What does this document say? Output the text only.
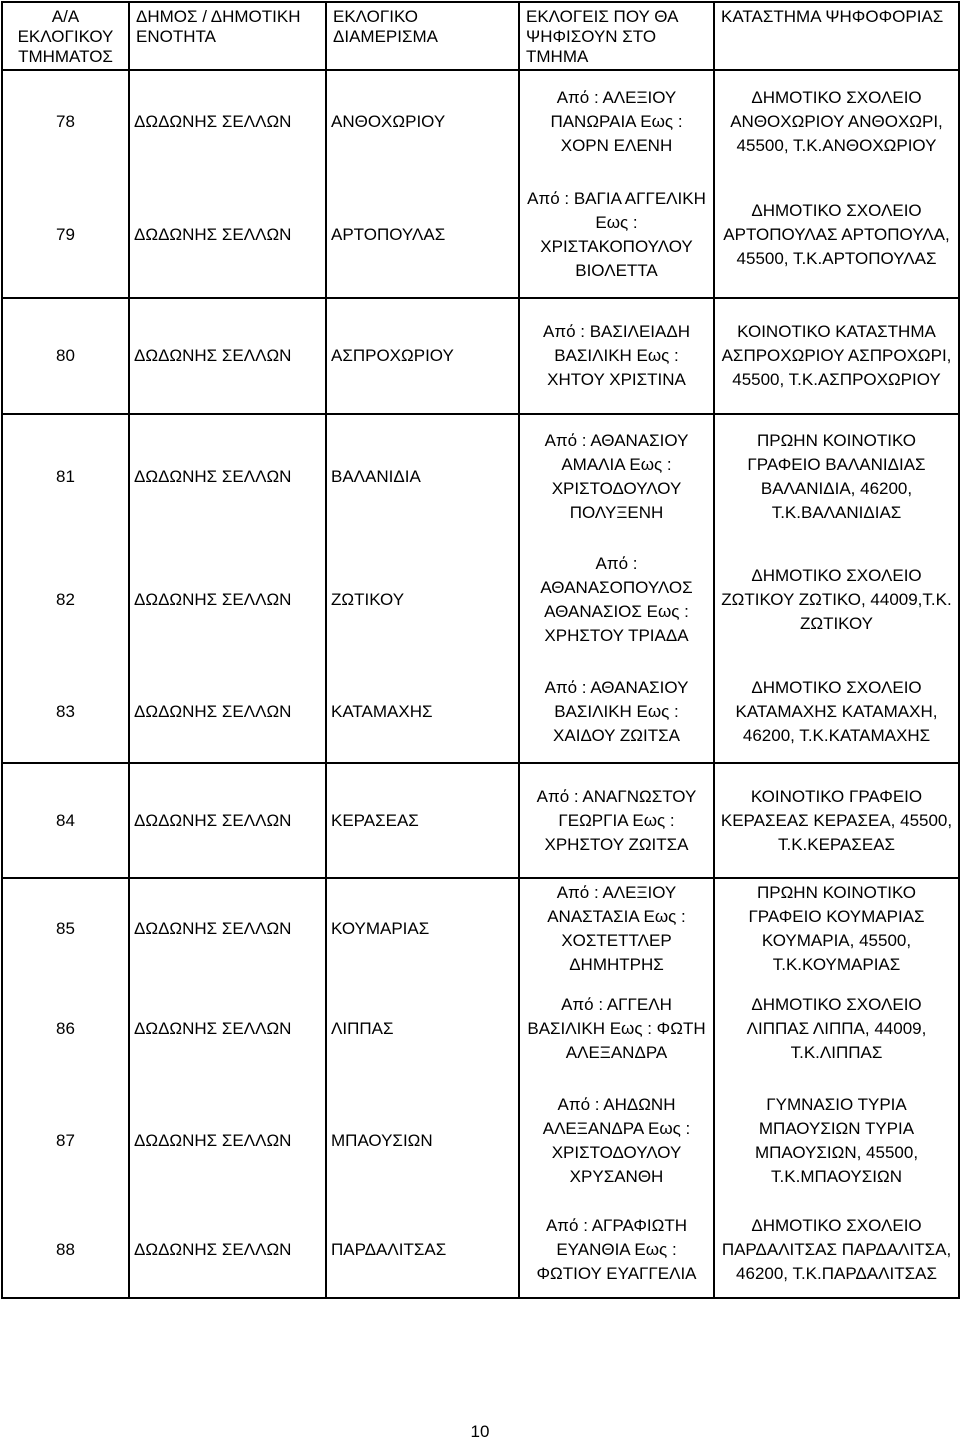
Α/Α ΕΚΛΟΓΙΚΟΥ ΤΜΗΜΑΤΟΣ	ΔΗΜΟΣ / ΔΗΜΟΤΙΚΗ ΕΝΟΤΗΤΑ	ΕΚΛΟΓΙΚΟ ΔΙΑΜΕΡΙΣΜΑ	ΕΚΛΟΓΕΙΣ ΠΟΥ ΘΑ ΨΗΦΙΣΟΥΝ ΣΤΟ ΤΜΗΜΑ	ΚΑΤΑΣΤΗΜΑ ΨΗΦΟΦΟΡΙΑΣ
78	ΔΩΔΩΝΗΣ ΣΕΛΛΩΝ	ΑΝΘΟΧΩΡΙΟΥ	Από : ΑΛΕΞΙΟΥ ΠΑΝΩΡΑΙΑ Εως : ΧΟΡΝ ΕΛΕΝΗ	ΔΗΜΟΤΙΚΟ ΣΧΟΛΕΙΟ ΑΝΘΟΧΩΡΙΟΥ ΑΝΘΟΧΩΡΙ, 45500, Τ.Κ.ΑΝΘΟΧΩΡΙΟΥ
79	ΔΩΔΩΝΗΣ ΣΕΛΛΩΝ	ΑΡΤΟΠΟΥΛΑΣ	Από : ΒΑΓΙΑ ΑΓΓΕΛΙΚΗ Εως : ΧΡΙΣΤΑΚΟΠΟΥΛΟΥ ΒΙΟΛΕΤΤΑ	ΔΗΜΟΤΙΚΟ ΣΧΟΛΕΙΟ ΑΡΤΟΠΟΥΛΑΣ ΑΡΤΟΠΟΥΛΑ, 45500, Τ.Κ.ΑΡΤΟΠΟΥΛΑΣ
80	ΔΩΔΩΝΗΣ ΣΕΛΛΩΝ	ΑΣΠΡΟΧΩΡΙΟΥ	Από : ΒΑΣΙΛΕΙΑΔΗ ΒΑΣΙΛΙΚΗ Εως : ΧΗΤΟΥ ΧΡΙΣΤΙΝΑ	ΚΟΙΝΟΤΙΚΟ ΚΑΤΑΣΤΗΜΑ ΑΣΠΡΟΧΩΡΙΟΥ ΑΣΠΡΟΧΩΡΙ, 45500, Τ.Κ.ΑΣΠΡΟΧΩΡΙΟΥ
81	ΔΩΔΩΝΗΣ ΣΕΛΛΩΝ	ΒΑΛΑΝΙΔΙΑ	Από : ΑΘΑΝΑΣΙΟΥ ΑΜΑΛΙΑ Εως : ΧΡΙΣΤΟΔΟΥΛΟΥ ΠΟΛΥΞΕΝΗ	ΠΡΩΗΝ ΚΟΙΝΟΤΙΚΟ ΓΡΑΦΕΙΟ ΒΑΛΑΝΙΔΙΑΣ ΒΑΛΑΝΙΔΙΑ, 46200, Τ.Κ.ΒΑΛΑΝΙΔΙΑΣ
82	ΔΩΔΩΝΗΣ ΣΕΛΛΩΝ	ΖΩΤΙΚΟΥ	Από : ΑΘΑΝΑΣΟΠΟΥΛΟΣ ΑΘΑΝΑΣΙΟΣ Εως : ΧΡΗΣΤΟΥ ΤΡΙΑΔΑ	ΔΗΜΟΤΙΚΟ ΣΧΟΛΕΙΟ ΖΩΤΙΚΟΥ ΖΩΤΙΚΟ, 44009,Τ.Κ. ΖΩΤΙΚΟΥ
83	ΔΩΔΩΝΗΣ ΣΕΛΛΩΝ	ΚΑΤΑΜΑΧΗΣ	Από : ΑΘΑΝΑΣΙΟΥ ΒΑΣΙΛΙΚΗ Εως : ΧΑΙΔΟΥ ΖΩΙΤΣΑ	ΔΗΜΟΤΙΚΟ ΣΧΟΛΕΙΟ ΚΑΤΑΜΑΧΗΣ ΚΑΤΑΜΑΧΗ, 46200, Τ.Κ.ΚΑΤΑΜΑΧΗΣ
84	ΔΩΔΩΝΗΣ ΣΕΛΛΩΝ	ΚΕΡΑΣΕΑΣ	Από : ΑΝΑΓΝΩΣΤΟΥ ΓΕΩΡΓΙΑ Εως : ΧΡΗΣΤΟΥ ΖΩΙΤΣΑ	ΚΟΙΝΟΤΙΚΟ ΓΡΑΦΕΙΟ ΚΕΡΑΣΕΑΣ ΚΕΡΑΣΕΑ, 45500, Τ.Κ.ΚΕΡΑΣΕΑΣ
85	ΔΩΔΩΝΗΣ ΣΕΛΛΩΝ	ΚΟΥΜΑΡΙΑΣ	Από : ΑΛΕΞΙΟΥ ΑΝΑΣΤΑΣΙΑ Εως : ΧΟΣΤΕΤΤΛΕΡ ΔΗΜΗΤΡΗΣ	ΠΡΩΗΝ ΚΟΙΝΟΤΙΚΟ ΓΡΑΦΕΙΟ ΚΟΥΜΑΡΙΑΣ ΚΟΥΜΑΡΙΑ, 45500, Τ.Κ.ΚΟΥΜΑΡΙΑΣ
86	ΔΩΔΩΝΗΣ ΣΕΛΛΩΝ	ΛΙΠΠΑΣ	Από : ΑΓΓΕΛΗ ΒΑΣΙΛΙΚΗ Εως : ΦΩΤΗ ΑΛΕΞΑΝΔΡΑ	ΔΗΜΟΤΙΚΟ ΣΧΟΛΕΙΟ ΛΙΠΠΑΣ ΛΙΠΠΑ, 44009, Τ.Κ.ΛΙΠΠΑΣ
87	ΔΩΔΩΝΗΣ ΣΕΛΛΩΝ	ΜΠΑΟΥΣΙΩΝ	Από : ΑΗΔΩΝΗ ΑΛΕΞΑΝΔΡΑ Εως : ΧΡΙΣΤΟΔΟΥΛΟΥ ΧΡΥΣΑΝΘΗ	ΓΥΜΝΑΣΙΟ ΤΥΡΙΑ ΜΠΑΟΥΣΙΩΝ ΤΥΡΙΑ ΜΠΑΟΥΣΙΩΝ, 45500, Τ.Κ.ΜΠΑΟΥΣΙΩΝ
88	ΔΩΔΩΝΗΣ ΣΕΛΛΩΝ	ΠΑΡΔΑΛΙΤΣΑΣ	Από : ΑΓΡΑΦΙΩΤΗ ΕΥΑΝΘΙΑ Εως : ΦΩΤΙΟΥ ΕΥΑΓΓΕΛΙΑ	ΔΗΜΟΤΙΚΟ ΣΧΟΛΕΙΟ ΠΑΡΔΑΛΙΤΣΑΣ ΠΑΡΔΑΛΙΤΣΑ, 46200, Τ.Κ.ΠΑΡΔΑΛΙΤΣΑΣ
10
